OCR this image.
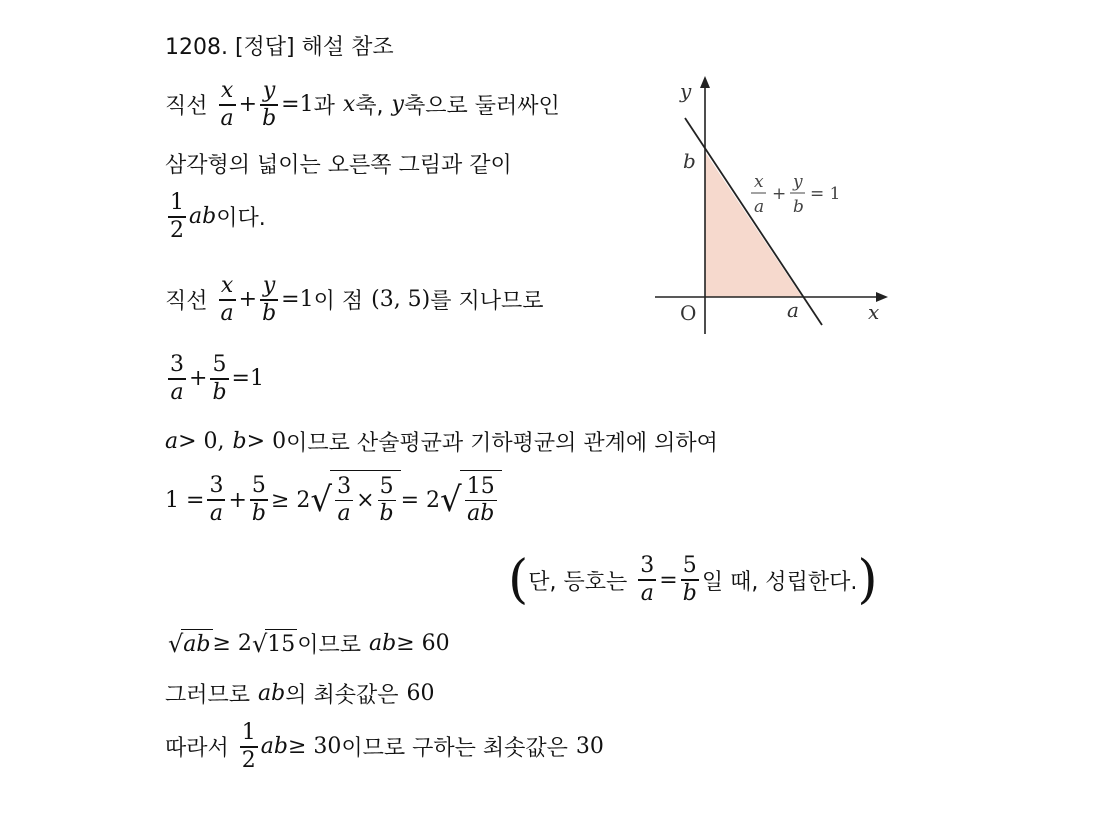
1208. [정답] 해설 참조
직선 $\frac{x}{a} + \frac{y}{b} =1$ 과 x 축, y 축으로 둘러싸인
삼각형의 넓이는 오른쪽 그림과 같이
$\frac{1}{2}$ ab 이다.
직선 $\frac{x}{a} + \frac{y}{b} =1$ 이 점 (3, 5) 를 지나므로
$\frac{3}{a} + \frac{5}{b} =1$
a > 0, b > 0 이므로 산술평균과 기하평균의 관계에 의하여
$1 = \frac{3}{a} + \frac{5}{b} \ge 2$ √ $\frac{3}{a} \times \frac{5}{b} = 2$ √ $\frac{15}{ab}$
( 단, 등호는 $\frac{3}{a} = \frac{5}{b}$ 일 때, 성립한다. )
√ ab ≥ 2 √ 15 이므로 ab ≥ 60
그러므로 ab 의 최솟값은 60
따라서 $\frac{1}{2}$ ab ≥ 30 이므로 구하는 최솟값은 30
y
x
O
b
a
x
a
+
y
b
= 1
